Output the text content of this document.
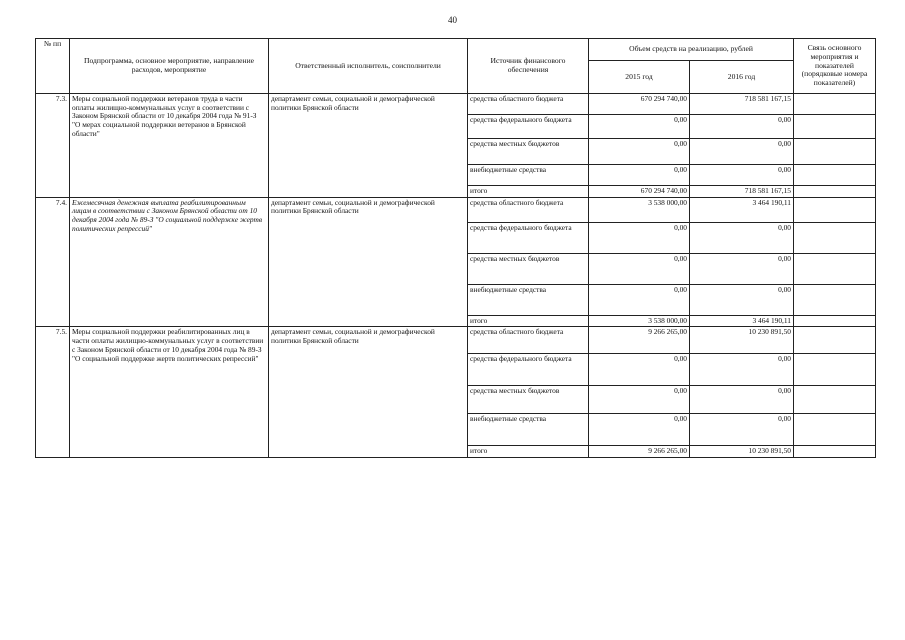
40
№ пп	Подпрограмма, основное мероприятие, направление расходов, мероприятие	Ответственный исполнитель, соисполнители	Источник финансового обеспечения	Объем средств на реализацию, рублей		Связь основного мероприятия и показателей (порядковые номера показателей)
				2015 год	2016 год	
7.3.	Меры социальной поддержки ветеранов труда в части оплаты жилищно-коммунальных услуг в соответствии с Законом Брянской области от 10 декабря 2004 года № 91-З "О мерах социальной поддержки ветеранов в Брянской области"	департамент семьи, социальной и демографической политики Брянской области	средства областного бюджета	670 294 740,00	718 581 167,15	
			средства федерального бюджета	0,00	0,00	
			средства местных бюджетов	0,00	0,00	
			внебюджетные средства	0,00	0,00	
			итого	670 294 740,00	718 581 167,15	
7.4.	Ежемесячная денежная выплата реабилитированным лицам в соответствии с Законом Брянской области от 10 декабря 2004 года № 89-З "О социальной поддержке жертв политических репрессий"	департамент семьи, социальной и демографической политики Брянской области	средства областного бюджета	3 538 000,00	3 464 190,11	
			средства федерального бюджета	0,00	0,00	
			средства местных бюджетов	0,00	0,00	
			внебюджетные средства	0,00	0,00	
			итого	3 538 000,00	3 464 190,11	
7.5.	Меры социальной поддержки реабилитированных лиц в части оплаты жилищно-коммунальных услуг в соответствии с Законом Брянской области от 10 декабря 2004 года № 89-З "О социальной поддержке жертв политических репрессий"	департамент семьи, социальной и демографической политики Брянской области	средства областного бюджета	9 266 265,00	10 230 891,50	
			средства федерального бюджета	0,00	0,00	
			средства местных бюджетов	0,00	0,00	
			внебюджетные средства	0,00	0,00	
			итого	9 266 265,00	10 230 891,50	
